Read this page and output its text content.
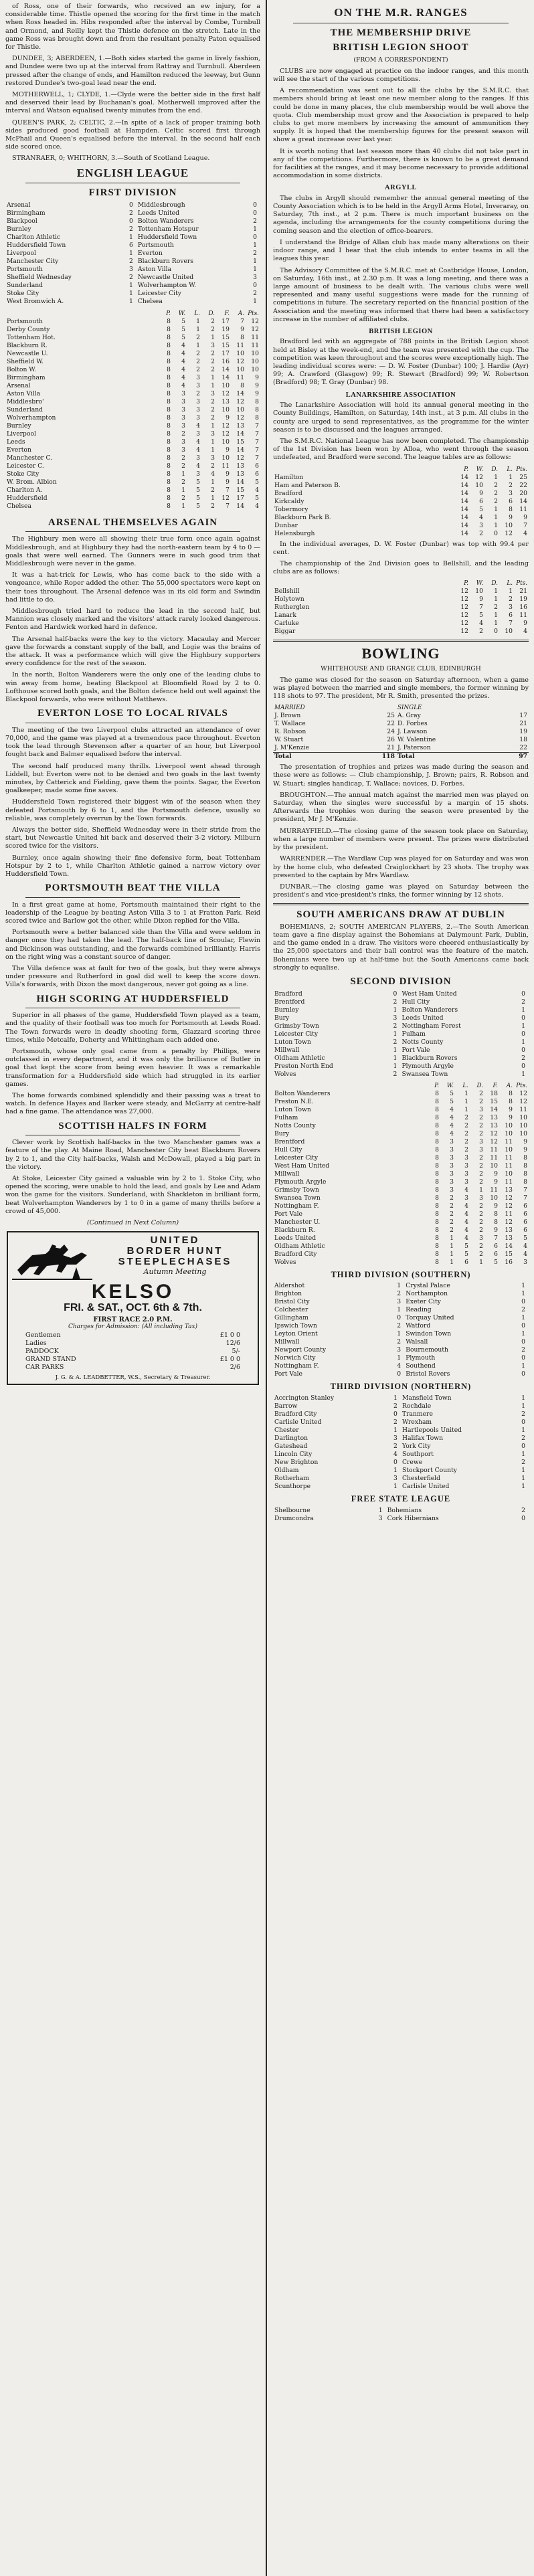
of Ross, one of their forwards, who received an ew injury, for a considerable time. Thistle opened the scoring for the first time in the match when Ross headed in. Hibs responded after the interval by Combe, Turnbull and Ormond, and Reilly kept the Thistle defence on the stretch. Late in the game Ross was brought down and from the resultant penalty Paton equalised for Thistle.

DUNDEE, 3; ABERDEEN, 1.—Both sides started the game in lively fashion, and Dundee were two up at the interval from Rattray and Turnbull. Aberdeen pressed after the change of ends, and Hamilton reduced the leeway, but Gunn restored Dundee's two-goal lead near the end.

MOTHERWELL, 1; CLYDE, 1.—Clyde were the better side in the first half and deserved their lead by Buchanan's goal. Motherwell improved after the interval and Watson equalised twenty minutes from the end.

QUEEN'S PARK, 2; CELTIC, 2.—In spite of a lack of proper training both sides produced good football at Hampden. Celtic scored first through McPhail and Queen's equalised before the interval. In the second half each side scored once.

STRANRAER, 0; WHITHORN, 3.—South of Scotland League.

ENGLISH LEAGUE
FIRST DIVISION
Arsenal	0	Middlesbrough	0
Birmingham	2	Leeds United	0
Blackpool	0	Bolton Wanderers	2
Burnley	2	Tottenham Hotspur	1
Charlton Athletic	1	Huddersfield Town	0
Huddersfield Town	6	Portsmouth	1
Liverpool	1	Everton	2
Manchester City	2	Blackburn Rovers	1
Portsmouth	3	Aston Villa	1
Sheffield Wednesday	2	Newcastle United	3
Sunderland	1	Wolverhampton W.	0
Stoke City	1	Leicester City	2
West Bromwich A.	1	Chelsea	1
	P.	W.	L.	D.	F.	A.	Pts.
Portsmouth	8	5	1	2	17	7	12
Derby County	8	5	1	2	19	9	12
Tottenham Hot.	8	5	2	1	15	8	11
Blackburn R.	8	4	1	3	15	11	11
Newcastle U.	8	4	2	2	17	10	10
Sheffield W.	8	4	2	2	16	12	10
Bolton W.	8	4	2	2	14	10	10
Birmingham	8	4	3	1	14	11	9
Arsenal	8	4	3	1	10	8	9
Aston Villa	8	3	2	3	12	14	9
Middlesbro'	8	3	3	2	13	12	8
Sunderland	8	3	3	2	10	10	8
Wolverhampton	8	3	3	2	9	12	8
Burnley	8	3	4	1	12	13	7
Liverpool	8	2	3	3	12	14	7
Leeds	8	3	4	1	10	15	7
Everton	8	3	4	1	9	14	7
Manchester C.	8	2	3	3	10	12	7
Leicester C.	8	2	4	2	11	13	6
Stoke City	8	1	3	4	9	13	6
W. Brom. Albion	8	2	5	1	9	14	5
Charlton A.	8	1	5	2	7	15	4
Huddersfield	8	2	5	1	12	17	5
Chelsea	8	1	5	2	7	14	4
ARSENAL THEMSELVES AGAIN

The Highbury men were all showing their true form once again against Middlesbrough, and at Highbury they had the north-eastern team by 4 to 0 — goals that were well earned. The Gunners were in such good trim that Middlesbrough were never in the game.

It was a hat-trick for Lewis, who has come back to the side with a vengeance, while Roper added the other. The 55,000 spectators were kept on their toes throughout. The Arsenal defence was in its old form and Swindin had little to do.

Middlesbrough tried hard to reduce the lead in the second half, but Mannion was closely marked and the visitors' attack rarely looked dangerous. Fenton and Hardwick worked hard in defence.

The Arsenal half-backs were the key to the victory. Macaulay and Mercer gave the forwards a constant supply of the ball, and Logie was the brains of the attack. It was a performance which will give the Highbury supporters every confidence for the rest of the season.

In the north, Bolton Wanderers were the only one of the leading clubs to win away from home, beating Blackpool at Bloomfield Road by 2 to 0. Lofthouse scored both goals, and the Bolton defence held out well against the Blackpool forwards, who were without Matthews.

EVERTON LOSE TO LOCAL RIVALS

The meeting of the two Liverpool clubs attracted an attendance of over 70,000, and the game was played at a tremendous pace throughout. Everton took the lead through Stevenson after a quarter of an hour, but Liverpool fought back and Balmer equalised before the interval.

The second half produced many thrills. Liverpool went ahead through Liddell, but Everton were not to be denied and two goals in the last twenty minutes, by Catterick and Fielding, gave them the points. Sagar, the Everton goalkeeper, made some fine saves.

Huddersfield Town registered their biggest win of the season when they defeated Portsmouth by 6 to 1, and the Portsmouth defence, usually so reliable, was completely overrun by the Town forwards.

Always the better side, Sheffield Wednesday were in their stride from the start, but Newcastle United hit back and deserved their 3-2 victory. Milburn scored twice for the visitors.

Burnley, once again showing their fine defensive form, beat Tottenham Hotspur by 2 to 1, while Charlton Athletic gained a narrow victory over Huddersfield Town.

PORTSMOUTH BEAT THE VILLA

In a first great game at home, Portsmouth maintained their right to the leadership of the League by beating Aston Villa 3 to 1 at Fratton Park. Reid scored twice and Barlow got the other, while Dixon replied for the Villa.

Portsmouth were a better balanced side than the Villa and were seldom in danger once they had taken the lead. The half-back line of Scoular, Flewin and Dickinson was outstanding, and the forwards combined brilliantly. Harris on the right wing was a constant source of danger.

The Villa defence was at fault for two of the goals, but they were always under pressure and Rutherford in goal did well to keep the score down. Villa's forwards, with Dixon the most dangerous, never got going as a line.

HIGH SCORING AT HUDDERSFIELD

Superior in all phases of the game, Huddersfield Town played as a team, and the quality of their football was too much for Portsmouth at Leeds Road. The Town forwards were in deadly shooting form, Glazzard scoring three times, while Metcalfe, Doherty and Whittingham each added one.

Portsmouth, whose only goal came from a penalty by Phillips, were outclassed in every department, and it was only the brilliance of Butler in goal that kept the score from being even heavier. It was a remarkable transformation for a Huddersfield side which had struggled in its earlier games.

The home forwards combined splendidly and their passing was a treat to watch. In defence Hayes and Barker were steady, and McGarry at centre-half had a fine game. The attendance was 27,000.

SCOTTISH HALFS IN FORM

Clever work by Scottish half-backs in the two Manchester games was a feature of the play. At Maine Road, Manchester City beat Blackburn Rovers by 2 to 1, and the City half-backs, Walsh and McDowall, played a big part in the victory.

At Stoke, Leicester City gained a valuable win by 2 to 1. Stoke City, who opened the scoring, were unable to hold the lead, and goals by Lee and Adam won the game for the visitors. Sunderland, with Shackleton in brilliant form, beat Wolverhampton Wanderers by 1 to 0 in a game of many thrills before a crowd of 45,000.

(Continued in Next Column)

UNITED
BORDER HUNT
STEEPLECHASES
Autumn Meeting
KELSO
FRI. & SAT., OCT. 6th & 7th.
FIRST RACE 2.0 P.M.
Charges for Admission: (All including Tax)
Gentlemen	£1 0 0
Ladies	12/6
PADDOCK	5/-
GRAND STAND	£1 0 0
CAR PARKS	2/6
J. G. & A. LEADBETTER, W.S., Secretary & Treasurer.
ON THE M.R. RANGES
THE MEMBERSHIP DRIVE
BRITISH LEGION SHOOT
(FROM A CORRESPONDENT)

CLUBS are now engaged at practice on the indoor ranges, and this month will see the start of the various competitions.

A recommendation was sent out to all the clubs by the S.M.R.C. that members should bring at least one new member along to the ranges. If this could be done in many places, the club membership would be well above the quota. Club membership must grow and the Association is prepared to help clubs to get more members by increasing the amount of ammunition they supply. It is hoped that the membership figures for the present season will show a great increase over last year.

It is worth noting that last season more than 40 clubs did not take part in any of the competitions. Furthermore, there is known to be a great demand for facilities at the ranges, and it may become necessary to provide additional accommodation in some districts.

ARGYLL

The clubs in Argyll should remember the annual general meeting of the County Association which is to be held in the Argyll Arms Hotel, Inveraray, on Saturday, 7th inst., at 2 p.m. There is much important business on the agenda, including the arrangements for the county competitions during the coming season and the election of office-bearers.

I understand the Bridge of Allan club has made many alterations on their indoor range, and I hear that the club intends to enter teams in all the leagues this year.

The Advisory Committee of the S.M.R.C. met at Coatbridge House, London, on Saturday, 16th inst., at 2.30 p.m. It was a long meeting, and there was a large amount of business to be dealt with. The various clubs were well represented and many useful suggestions were made for the running of competitions in future. The secretary reported on the financial position of the Association and the meeting was informed that there had been a satisfactory increase in the number of affiliated clubs.

BRITISH LEGION

Bradford led with an aggregate of 788 points in the British Legion shoot held at Bisley at the week-end, and the team was presented with the cup. The competition was keen throughout and the scores were exceptionally high. The leading individual scores were: — D. W. Foster (Dunbar) 100; J. Hardie (Ayr) 99; A. Crawford (Glasgow) 99; R. Stewart (Bradford) 99; W. Robertson (Bradford) 98; T. Gray (Dunbar) 98.

LANARKSHIRE ASSOCIATION

The Lanarkshire Association will hold its annual general meeting in the County Buildings, Hamilton, on Saturday, 14th inst., at 3 p.m. All clubs in the county are urged to send representatives, as the programme for the winter season is to be discussed and the leagues arranged.

The S.M.R.C. National League has now been completed. The championship of the 1st Division has been won by Alloa, who went through the season undefeated, and Bradford were second. The league tables are as follows:

	P.	W.	D.	L.	Pts.
Hamilton	14	12	1	1	25
Ham and Paterson B.	14	10	2	2	22
Bradford	14	9	2	3	20
Kirkcaldy	14	6	2	6	14
Tobermory	14	5	1	8	11
Blackburn Park B.	14	4	1	9	9
Dunbar	14	3	1	10	7
Helensburgh	14	2	0	12	4

In the individual averages, D. W. Foster (Dunbar) was top with 99.4 per cent.

The championship of the 2nd Division goes to Bellshill, and the leading clubs are as follows:

	P.	W.	D.	L.	Pts.
Bellshill	12	10	1	1	21
Holytown	12	9	1	2	19
Rutherglen	12	7	2	3	16
Lanark	12	5	1	6	11
Carluke	12	4	1	7	9
Biggar	12	2	0	10	4
BOWLING
WHITEHOUSE AND GRANGE CLUB, EDINBURGH

The game was closed for the season on Saturday afternoon, when a game was played between the married and single members, the former winning by 118 shots to 97. The president, Mr R. Smith, presented the prizes.

MARRIED		SINGLE	
J. Brown	25	A. Gray	17
T. Wallace	22	D. Forbes	21
R. Robson	24	J. Lawson	19
W. Stuart	26	W. Valentine	18
J. M'Kenzie	21	J. Paterson	22
Total	118	Total	97

The presentation of trophies and prizes was made during the season and these were as follows: — Club championship, J. Brown; pairs, R. Robson and W. Stuart; singles handicap, T. Wallace; novices, D. Forbes.

BROUGHTON.—The annual match against the married men was played on Saturday, when the singles were successful by a margin of 15 shots. Afterwards the trophies won during the season were presented by the president, Mr J. M'Kenzie.

MURRAYFIELD.—The closing game of the season took place on Saturday, when a large number of members were present. The prizes were distributed by the president.

WARRENDER.—The Wardlaw Cup was played for on Saturday and was won by the home club, who defeated Craiglockhart by 23 shots. The trophy was presented to the captain by Mrs Wardlaw.

DUNBAR.—The closing game was played on Saturday between the president's and vice-president's rinks, the former winning by 12 shots.

SOUTH AMERICANS DRAW AT DUBLIN

BOHEMIANS, 2; SOUTH AMERICAN PLAYERS, 2.—The South American team gave a fine display against the Bohemians at Dalymount Park, Dublin, and the game ended in a draw. The visitors were cheered enthusiastically by the 25,000 spectators and their ball control was the feature of the match. Bohemians were two up at half-time but the South Americans came back strongly to equalise.

SECOND DIVISION
Bradford	0	West Ham United	0
Brentford	2	Hull City	2
Burnley	1	Bolton Wanderers	1
Bury	3	Leeds United	0
Grimsby Town	2	Nottingham Forest	1
Leicester City	1	Fulham	0
Luton Town	2	Notts County	1
Millwall	1	Port Vale	0
Oldham Athletic	1	Blackburn Rovers	2
Preston North End	1	Plymouth Argyle	0
Wolves	2	Swansea Town	1
	P.	W.	L.	D.	F.	A.	Pts.
Bolton Wanderers	8	5	1	2	18	8	12
Preston N.E.	8	5	1	2	15	8	12
Luton Town	8	4	1	3	14	9	11
Fulham	8	4	2	2	13	9	10
Notts County	8	4	2	2	13	10	10
Bury	8	4	2	2	12	10	10
Brentford	8	3	2	3	12	11	9
Hull City	8	3	2	3	11	10	9
Leicester City	8	3	3	2	11	11	8
West Ham United	8	3	3	2	10	11	8
Millwall	8	3	3	2	9	10	8
Plymouth Argyle	8	3	3	2	9	11	8
Grimsby Town	8	3	4	1	11	13	7
Swansea Town	8	2	3	3	10	12	7
Nottingham F.	8	2	4	2	9	12	6
Port Vale	8	2	4	2	8	11	6
Manchester U.	8	2	4	2	8	12	6
Blackburn R.	8	2	4	2	9	13	6
Leeds United	8	1	4	3	7	13	5
Oldham Athletic	8	1	5	2	6	14	4
Bradford City	8	1	5	2	6	15	4
Wolves	8	1	6	1	5	16	3
THIRD DIVISION (SOUTHERN)
Aldershot	1	Crystal Palace	1
Brighton	2	Northampton	1
Bristol City	3	Exeter City	0
Colchester	1	Reading	2
Gillingham	0	Torquay United	1
Ipswich Town	2	Watford	0
Leyton Orient	1	Swindon Town	1
Millwall	2	Walsall	0
Newport County	3	Bournemouth	2
Norwich City	1	Plymouth	0
Nottingham F.	4	Southend	1
Port Vale	0	Bristol Rovers	0
THIRD DIVISION (NORTHERN)
Accrington Stanley	1	Mansfield Town	1
Barrow	2	Rochdale	1
Bradford City	0	Tranmere	2
Carlisle United	2	Wrexham	0
Chester	1	Hartlepools United	1
Darlington	3	Halifax Town	2
Gateshead	2	York City	0
Lincoln City	4	Southport	1
New Brighton	0	Crewe	2
Oldham	1	Stockport County	1
Rotherham	3	Chesterfield	1
Scunthorpe	1	Carlisle United	1
FREE STATE LEAGUE
Shelbourne	1	Bohemians	2
Drumcondra	3	Cork Hibernians	0
